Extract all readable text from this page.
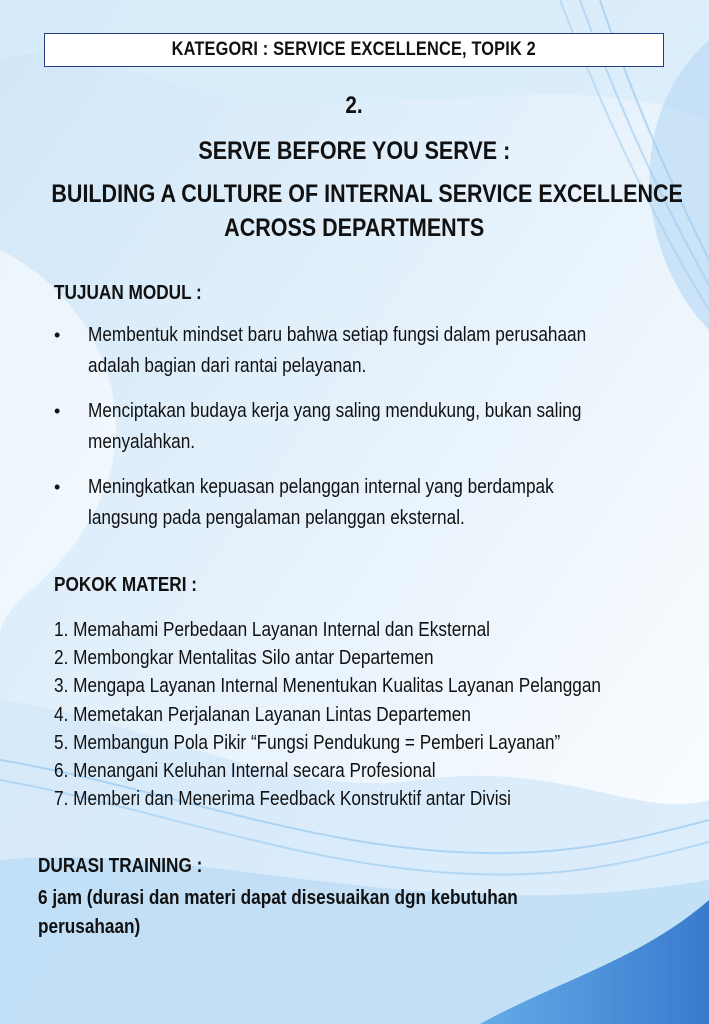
KATEGORI : SERVICE EXCELLENCE, TOPIK 2
2.
SERVE BEFORE YOU SERVE :
BUILDING A CULTURE OF INTERNAL SERVICE EXCELLENCE
ACROSS DEPARTMENTS
TUJUAN MODUL :
• Membentuk mindset baru bahwa setiap fungsi dalam perusahaan
adalah bagian dari rantai pelayanan.
• Menciptakan budaya kerja yang saling mendukung, bukan saling
menyalahkan.
• Meningkatkan kepuasan pelanggan internal yang berdampak
langsung pada pengalaman pelanggan eksternal.
POKOK MATERI :
1. Memahami Perbedaan Layanan Internal dan Eksternal
2. Membongkar Mentalitas Silo antar Departemen
3. Mengapa Layanan Internal Menentukan Kualitas Layanan Pelanggan
4. Memetakan Perjalanan Layanan Lintas Departemen
5. Membangun Pola Pikir “Fungsi Pendukung = Pemberi Layanan”
6. Menangani Keluhan Internal secara Profesional
7. Memberi dan Menerima Feedback Konstruktif antar Divisi
DURASI TRAINING :
6 jam (durasi dan materi dapat disesuaikan dgn kebutuhan
perusahaan)
